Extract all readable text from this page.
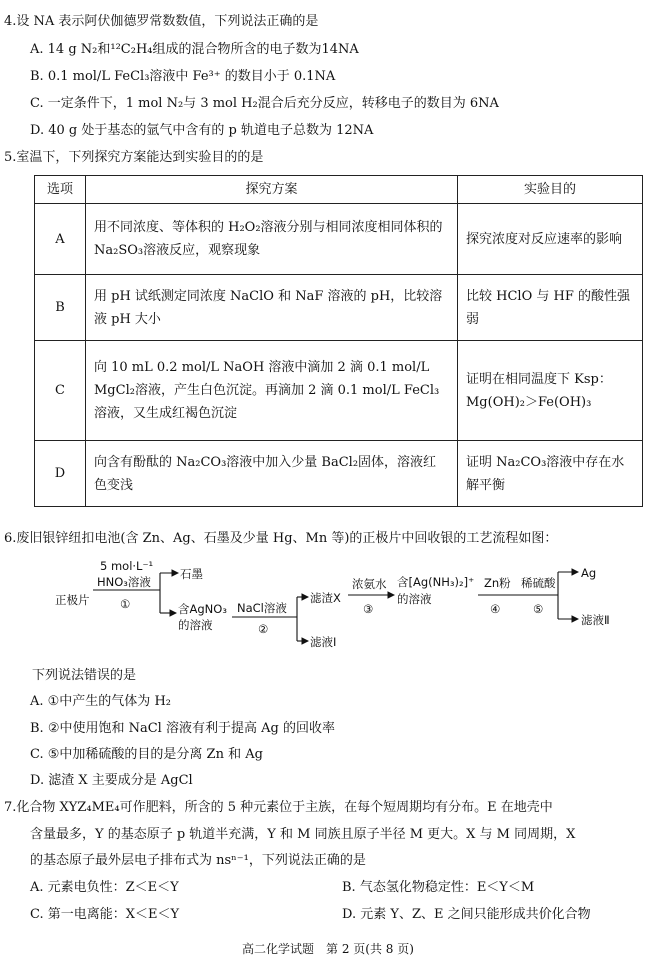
4.设 NA 表示阿伏伽德罗常数数值，下列说法正确的是
A. 14 g N₂和¹²C₂H₄组成的混合物所含的电子数为14NA
B. 0.1 mol/L FeCl₃溶液中 Fe³⁺ 的数目小于 0.1NA
C. 一定条件下，1 mol N₂与 3 mol H₂混合后充分反应，转移电子的数目为 6NA
D. 40 g 处于基态的氩气中含有的 p 轨道电子总数为 12NA
5.室温下，下列探究方案能达到实验目的的是
选项	探究方案	实验目的
A	用不同浓度、等体积的 H₂O₂溶液分别与相同浓度相同体积的 Na₂SO₃溶液反应，观察现象	探究浓度对反应速率的影响
B	用 pH 试纸测定同浓度 NaClO 和 NaF 溶液的 pH，比较溶液 pH 大小	比较 HClO 与 HF 的酸性强弱
C	向 10 mL 0.2 mol/L NaOH 溶液中滴加 2 滴 0.1 mol/L MgCl₂溶液，产生白色沉淀。再滴加 2 滴 0.1 mol/L FeCl₃溶液，又生成红褐色沉淀	证明在相同温度下 Ksp：Mg(OH)₂＞Fe(OH)₃
D	向含有酚酞的 Na₂CO₃溶液中加入少量 BaCl₂固体，溶液红色变浅	证明 Na₂CO₃溶液中存在水解平衡
6.废旧银锌纽扣电池(含 Zn、Ag、石墨及少量 Hg、Mn 等)的正极片中回收银的工艺流程如图：
正极片
5 mol·L⁻¹
HNO₃溶液
①
石墨
含AgNO₃
的溶液
NaCl溶液
②
滤渣X
滤液Ⅰ
浓氨水
③
含[Ag(NH₃)₂]⁺
的溶液
Zn粉
④
稀硫酸
⑤
Ag
滤液Ⅱ
下列说法错误的是
A. ①中产生的气体为 H₂
B. ②中使用饱和 NaCl 溶液有利于提高 Ag 的回收率
C. ⑤中加稀硫酸的目的是分离 Zn 和 Ag
D. 滤渣 X 主要成分是 AgCl
7.化合物 XYZ₄ME₄可作肥料，所含的 5 种元素位于主族，在每个短周期均有分布。E 在地壳中
含量最多，Y 的基态原子 p 轨道半充满，Y 和 M 同族且原子半径 M 更大。X 与 M 同周期，X
的基态原子最外层电子排布式为 nsⁿ⁻¹，下列说法正确的是
A. 元素电负性：Z＜E＜Y	B. 气态氢化物稳定性：E＜Y＜M
C. 第一电离能：X＜E＜Y	D. 元素 Y、Z、E 之间只能形成共价化合物
高二化学试题　第 2 页(共 8 页)
